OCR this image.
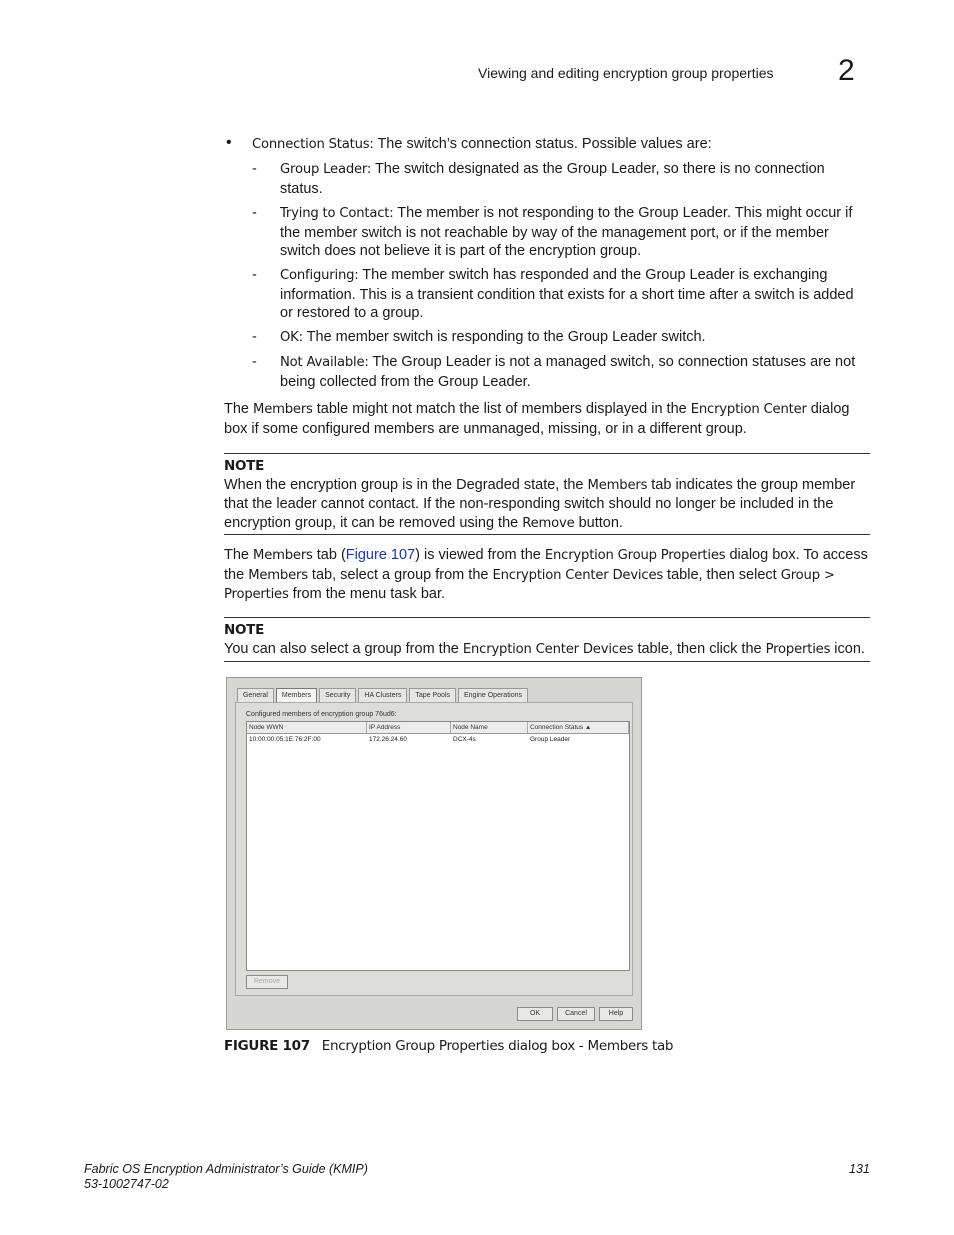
Viewing and editing encryption group properties 2
• Connection Status: The switch’s connection status. Possible values are:
- Group Leader: The switch designated as the Group Leader, so there is no connection status.
- Trying to Contact: The member is not responding to the Group Leader. This might occur if the member switch is not reachable by way of the management port, or if the member switch does not believe it is part of the encryption group.
- Configuring: The member switch has responded and the Group Leader is exchanging information. This is a transient condition that exists for a short time after a switch is added or restored to a group.
- OK: The member switch is responding to the Group Leader switch.
- Not Available: The Group Leader is not a managed switch, so connection statuses are not being collected from the Group Leader.
The Members table might not match the list of members displayed in the Encryption Center dialog box if some configured members are unmanaged, missing, or in a different group.
NOTE
When the encryption group is in the Degraded state, the Members tab indicates the group member that the leader cannot contact. If the non-responding switch should no longer be included in the encryption group, it can be removed using the Remove button.
The Members tab (Figure 107) is viewed from the Encryption Group Properties dialog box. To access the Members tab, select a group from the Encryption Center Devices table, then select Group > Properties from the menu task bar.
NOTE
You can also select a group from the Encryption Center Devices table, then click the Properties icon.
General	Members	Security	HA Clusters	Tape Pools	Engine Operations
Configured members of encryption group 76ud6:
Node WWN	IP Address	Node Name	Connection Status ▲
10:00:00:05:1E:76:2F:00	172.26.24.60	DCX-4s	Group Leader
Remove
OK	Cancel	Help
FIGURE 107 Encryption Group Properties dialog box - Members tab
Fabric OS Encryption Administrator’s Guide (KMIP)
53-1002747-02
131
